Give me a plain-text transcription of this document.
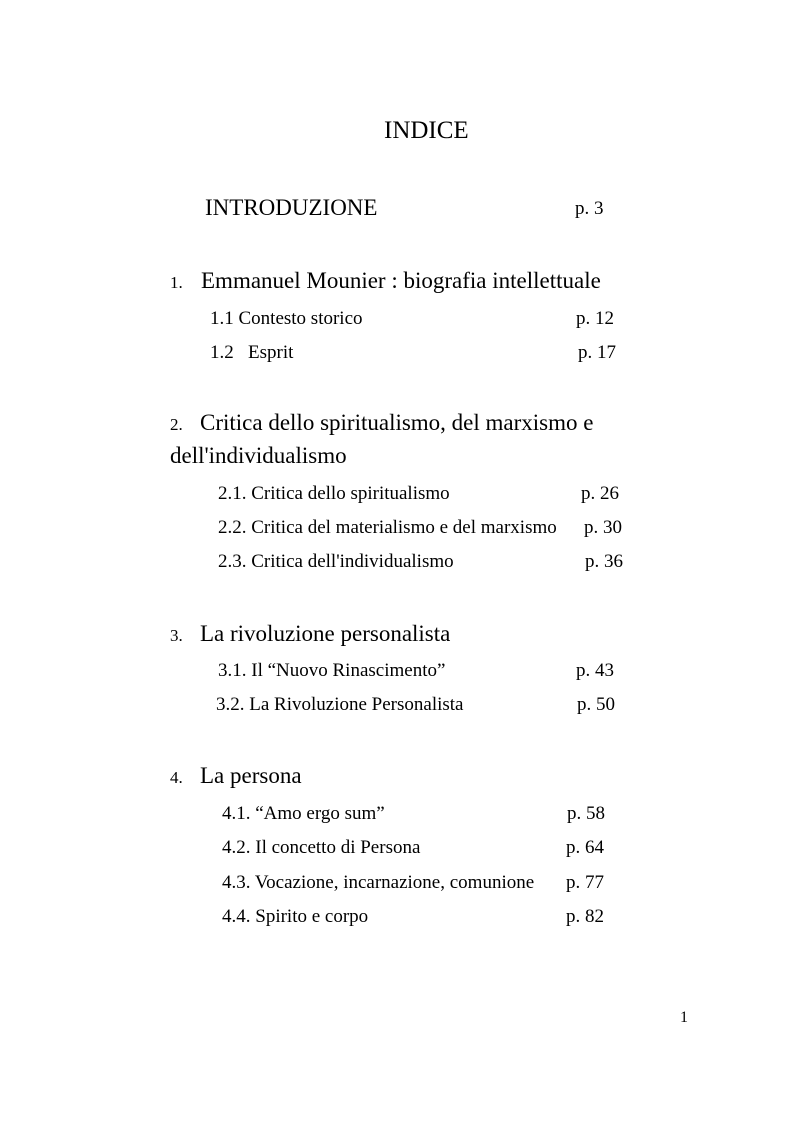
INDICE
INTRODUZIONE	p. 3
1. Emmanuel Mounier : biografia intellettuale
1.1 Contesto storico	p. 12
1.2   Esprit	p. 17
2. Critica dello spiritualismo, del marxismo e
dell'individualismo
2.1. Critica dello spiritualismo	p. 26
2.2. Critica del materialismo e del marxismo p. 30
2.3. Critica dell'individualismo	p. 36
3. La rivoluzione personalista
3.1. Il “Nuovo Rinascimento”	p. 43
3.2. La Rivoluzione Personalista	p. 50
4. La persona
4.1. “Amo ergo sum”	p. 58
4.2. Il concetto di Persona	p. 64
4.3. Vocazione, incarnazione, comunione p. 77
4.4. Spirito e corpo	p. 82
1
